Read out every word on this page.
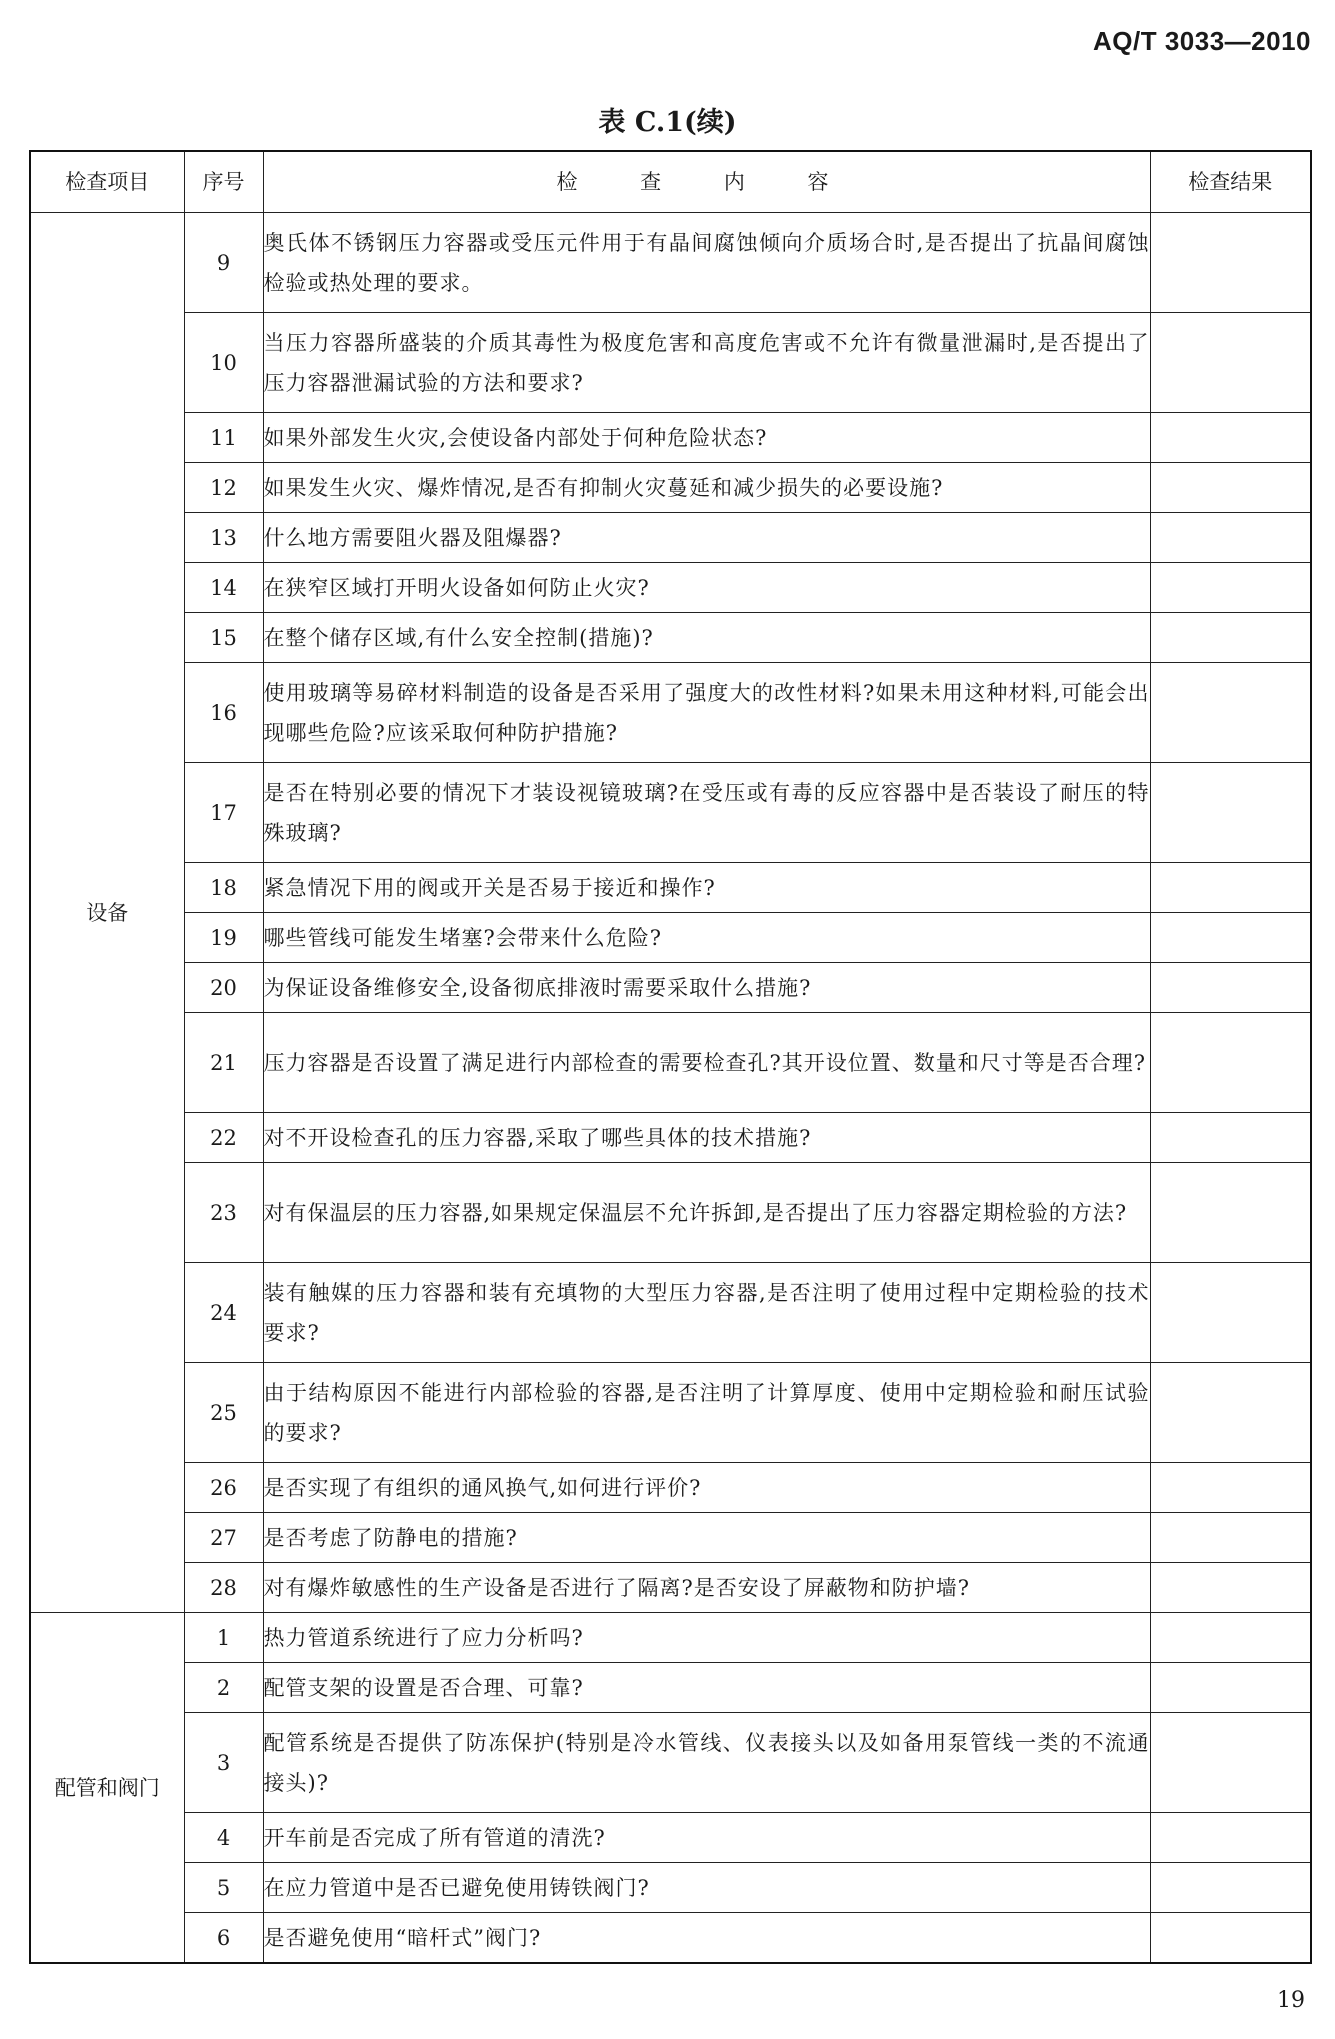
AQ/T 3033—2010
表 C.1(续)
检查项目	序号	检 查 内 容	检查结果
设备	9	奥氏体不锈钢压力容器或受压元件用于有晶间腐蚀倾向介质场合时,是否提出了抗晶间腐蚀检验或热处理的要求。	
	10	当压力容器所盛装的介质其毒性为极度危害和高度危害或不允许有微量泄漏时,是否提出了压力容器泄漏试验的方法和要求?	
	11	如果外部发生火灾,会使设备内部处于何种危险状态?	
	12	如果发生火灾、爆炸情况,是否有抑制火灾蔓延和减少损失的必要设施?	
	13	什么地方需要阻火器及阻爆器?	
	14	在狭窄区域打开明火设备如何防止火灾?	
	15	在整个储存区域,有什么安全控制(措施)?	
	16	使用玻璃等易碎材料制造的设备是否采用了强度大的改性材料?如果未用这种材料,可能会出现哪些危险?应该采取何种防护措施?	
	17	是否在特别必要的情况下才装设视镜玻璃?在受压或有毒的反应容器中是否装设了耐压的特殊玻璃?	
	18	紧急情况下用的阀或开关是否易于接近和操作?	
	19	哪些管线可能发生堵塞?会带来什么危险?	
	20	为保证设备维修安全,设备彻底排液时需要采取什么措施?	
	21	压力容器是否设置了满足进行内部检查的需要检查孔?其开设位置、数量和尺寸等是否合理?	
	22	对不开设检查孔的压力容器,采取了哪些具体的技术措施?	
	23	对有保温层的压力容器,如果规定保温层不允许拆卸,是否提出了压力容器定期检验的方法?	
	24	装有触媒的压力容器和装有充填物的大型压力容器,是否注明了使用过程中定期检验的技术要求?	
	25	由于结构原因不能进行内部检验的容器,是否注明了计算厚度、使用中定期检验和耐压试验的要求?	
	26	是否实现了有组织的通风换气,如何进行评价?	
	27	是否考虑了防静电的措施?	
	28	对有爆炸敏感性的生产设备是否进行了隔离?是否安设了屏蔽物和防护墙?	
配管和阀门	1	热力管道系统进行了应力分析吗?	
	2	配管支架的设置是否合理、可靠?	
	3	配管系统是否提供了防冻保护(特别是冷水管线、仪表接头以及如备用泵管线一类的不流通接头)?	
	4	开车前是否完成了所有管道的清洗?	
	5	在应力管道中是否已避免使用铸铁阀门?	
	6	是否避免使用“暗杆式”阀门?	
19
